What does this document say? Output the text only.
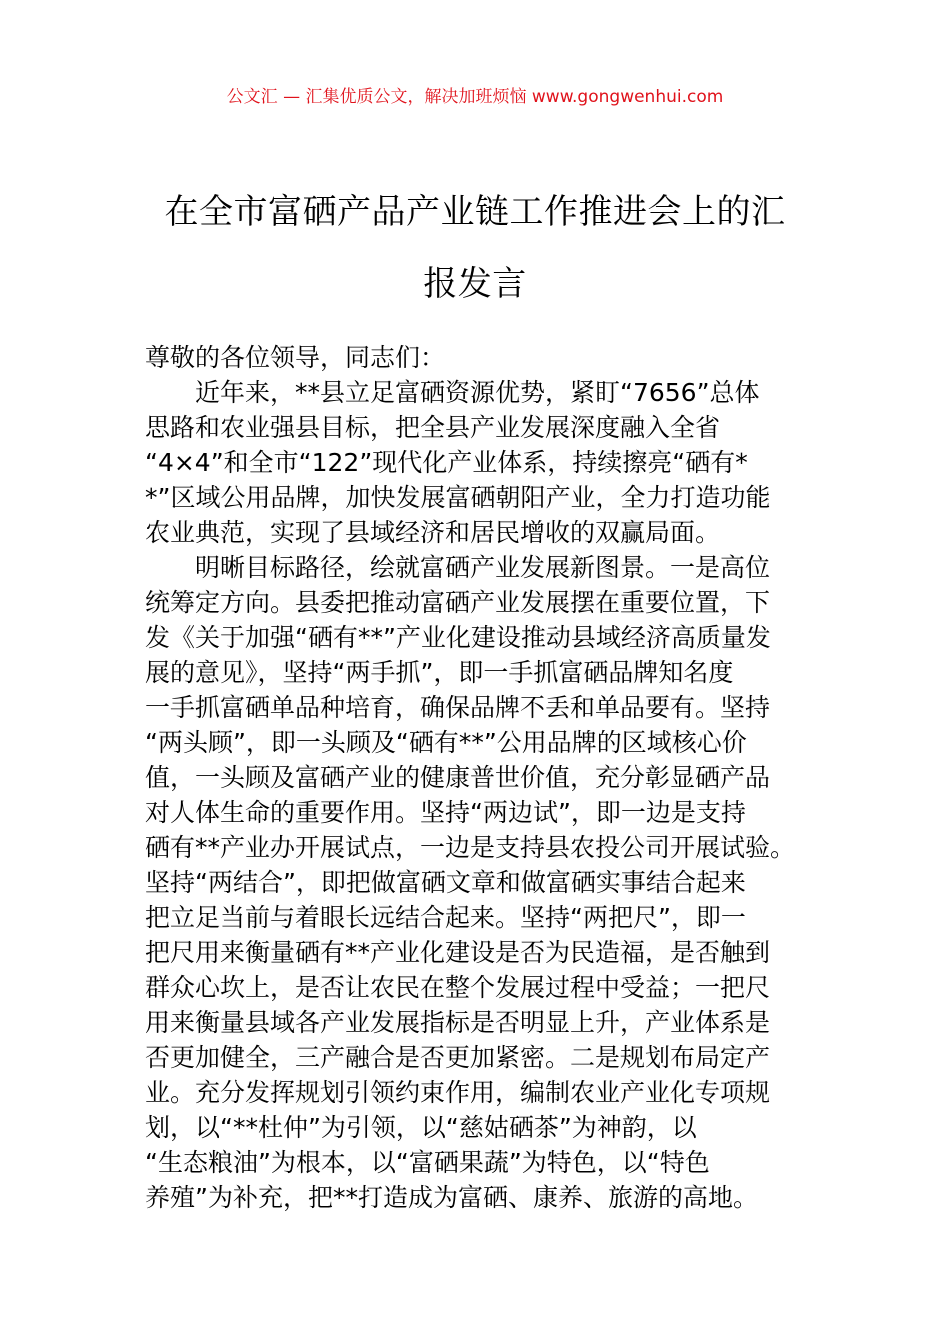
公文汇 — 汇集优质公文，解决加班烦恼 www.gongwenhui.com
在全市富硒产品产业链工作推进会上的汇
报发言
尊敬的各位领导，同志们：
近年来，**县立足富硒资源优势，紧盯“7656”总体
思路和农业强县目标，把全县产业发展深度融入全省
“4×4”和全市“122”现代化产业体系，持续擦亮“硒有*
*”区域公用品牌，加快发展富硒朝阳产业，全力打造功能
农业典范，实现了县域经济和居民增收的双赢局面。
明晰目标路径，绘就富硒产业发展新图景。一是高位
统筹定方向。县委把推动富硒产业发展摆在重要位置，下
发《关于加强“硒有**”产业化建设推动县域经济高质量发
展的意见》，坚持“两手抓”，即一手抓富硒品牌知名度
一手抓富硒单品种培育，确保品牌不丢和单品要有。坚持
“两头顾”，即一头顾及“硒有**”公用品牌的区域核心价
值，一头顾及富硒产业的健康普世价值，充分彰显硒产品
对人体生命的重要作用。坚持“两边试”，即一边是支持
硒有**产业办开展试点，一边是支持县农投公司开展试验。
坚持“两结合”，即把做富硒文章和做富硒实事结合起来
把立足当前与着眼长远结合起来。坚持“两把尺”，即一
把尺用来衡量硒有**产业化建设是否为民造福，是否触到
群众心坎上，是否让农民在整个发展过程中受益；一把尺
用来衡量县域各产业发展指标是否明显上升，产业体系是
否更加健全，三产融合是否更加紧密。二是规划布局定产
业。充分发挥规划引领约束作用，编制农业产业化专项规
划，以“**杜仲”为引领，以“慈姑硒茶”为神韵，以
“生态粮油”为根本，以“富硒果蔬”为特色，以“特色
养殖”为补充，把**打造成为富硒、康养、旅游的高地。
